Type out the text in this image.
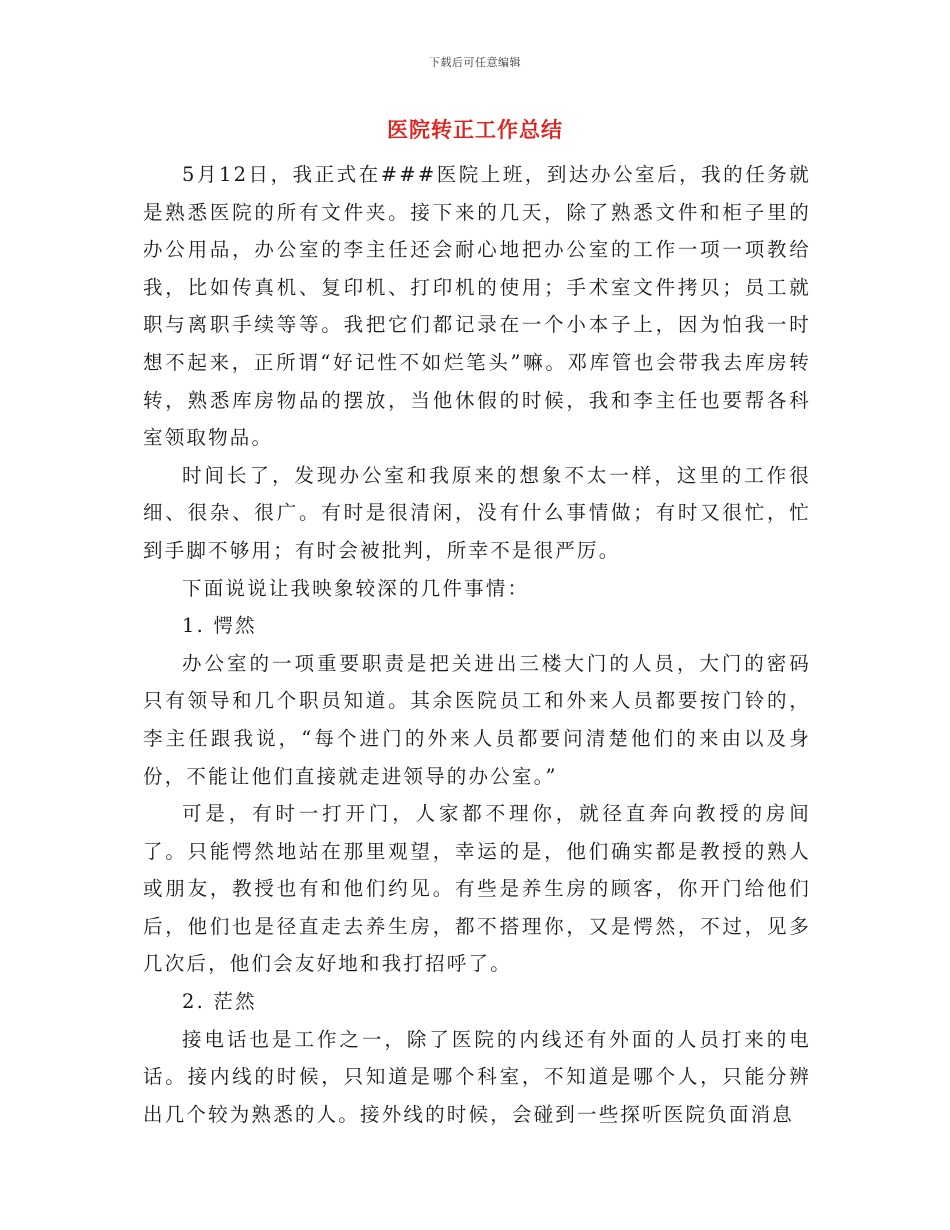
下载后可任意编辑
医院转正工作总结

5月12日，我正式在###医院上班，到达办公室后，我的任务就是熟悉医院的所有文件夹。接下来的几天，除了熟悉文件和柜子里的办公用品，办公室的李主任还会耐心地把办公室的工作一项一项教给我，比如传真机、复印机、打印机的使用；手术室文件拷贝；员工就职与离职手续等等。我把它们都记录在一个小本子上，因为怕我一时想不起来，正所谓“好记性不如烂笔头”嘛。邓库管也会带我去库房转转，熟悉库房物品的摆放，当他休假的时候，我和李主任也要帮各科室领取物品。

时间长了，发现办公室和我原来的想象不太一样，这里的工作很细、很杂、很广。有时是很清闲，没有什么事情做；有时又很忙，忙到手脚不够用；有时会被批判，所幸不是很严厉。

下面说说让我映象较深的几件事情：

1. 愕然

办公室的一项重要职责是把关进出三楼大门的人员，大门的密码只有领导和几个职员知道。其余医院员工和外来人员都要按门铃的，李主任跟我说，“每个进门的外来人员都要问清楚他们的来由以及身份，不能让他们直接就走进领导的办公室。”

可是，有时一打开门，人家都不理你，就径直奔向教授的房间了。只能愕然地站在那里观望，幸运的是，他们确实都是教授的熟人或朋友，教授也有和他们约见。有些是养生房的顾客，你开门给他们后，他们也是径直走去养生房，都不搭理你，又是愕然，不过，见多几次后，他们会友好地和我打招呼了。

2. 茫然

接电话也是工作之一，除了医院的内线还有外面的人员打来的电话。接内线的时候，只知道是哪个科室，不知道是哪个人，只能分辨出几个较为熟悉的人。接外线的时候，会碰到一些探听医院负面消息
